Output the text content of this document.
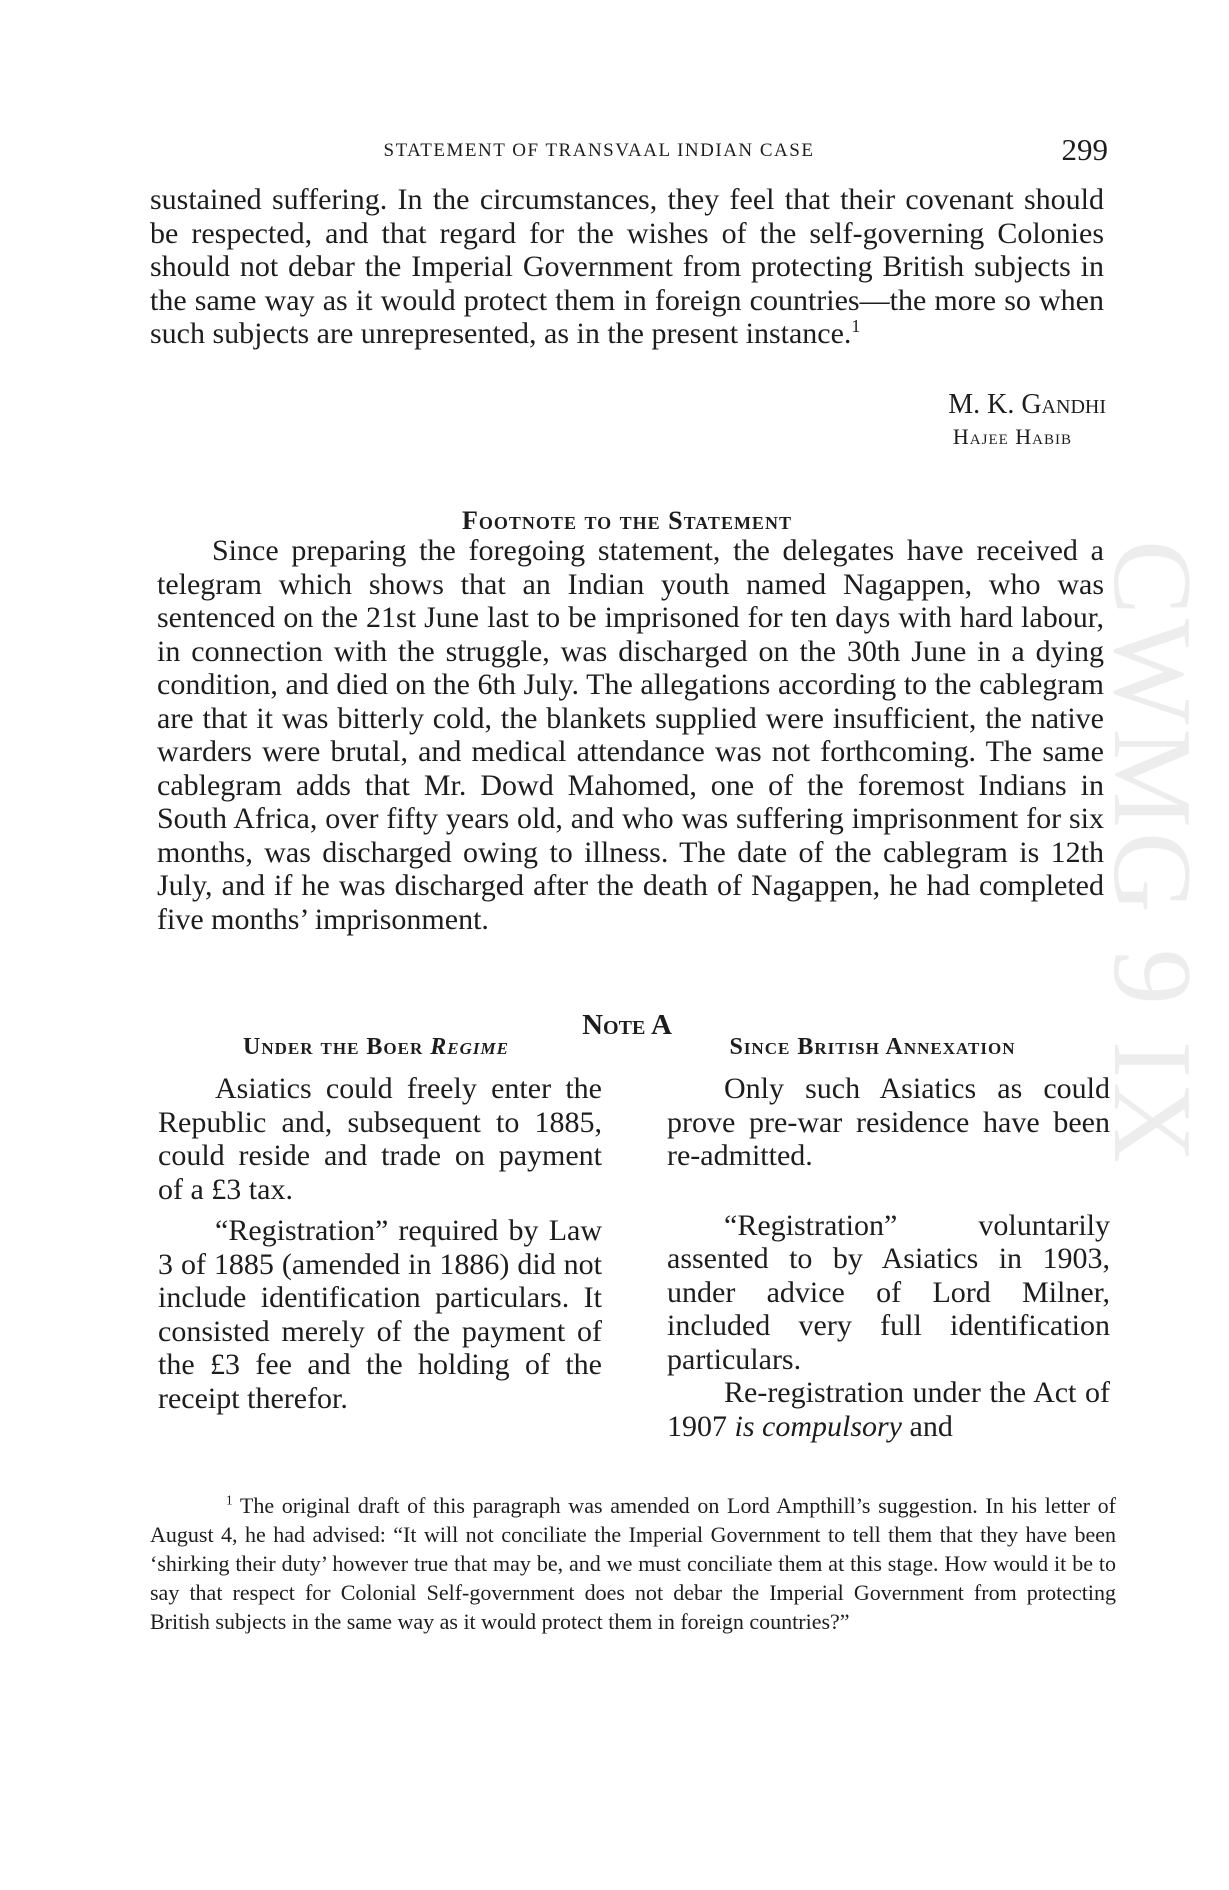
CWMG 9 IX
STATEMENT OF TRANSVAAL INDIAN CASE	299

sustained suffering. In the circumstances, they feel that their covenant should be respected, and that regard for the wishes of the self-governing Colonies should not debar the Imperial Government from protecting British subjects in the same way as it would protect them in foreign countries—the more so when such subjects are unrepresented, as in the present instance.$^1$

M. K. Gandhi
Hajee Habib
Footnote to the Statement

Since preparing the foregoing statement, the delegates have received a telegram which shows that an Indian youth named Nagappen, who was sentenced on the 21st June last to be imprisoned for ten days with hard labour, in connection with the struggle, was discharged on the 30th June in a dying condition, and died on the 6th July. The allegations according to the cablegram are that it was bitterly cold, the blankets supplied were insufficient, the native warders were brutal, and medical attendance was not forthcoming. The same cablegram adds that Mr. Dowd Mahomed, one of the foremost Indians in South Africa, over fifty years old, and who was suffering imprisonment for six months, was discharged owing to illness. The date of the cablegram is 12th July, and if he was discharged after the death of Nagappen, he had completed five months’ imprisonment.

Note A
Under the Boer Regime

Asiatics could freely enter the Republic and, subsequent to 1885, could reside and trade on payment of a £3 tax.

“Registration” required by Law 3 of 1885 (amended in 1886) did not include identification particulars. It consisted merely of the payment of the £3 fee and the holding of the receipt therefor.

Since British Annexation

Only such Asiatics as could prove pre-war residence have been re-admitted.

“Registration” voluntarily assented to by Asiatics in 1903, under advice of Lord Milner, included very full identification particulars.

Re-registration under the Act of 1907 is compulsory and

$^1$ The original draft of this paragraph was amended on Lord Ampthill’s suggestion. In his letter of August 4, he had advised: “It will not conciliate the Imperial Government to tell them that they have been ‘shirking their duty’ however true that may be, and we must conciliate them at this stage. How would it be to say that respect for Colonial Self-government does not debar the Imperial Government from protecting British subjects in the same way as it would protect them in foreign countries?”
